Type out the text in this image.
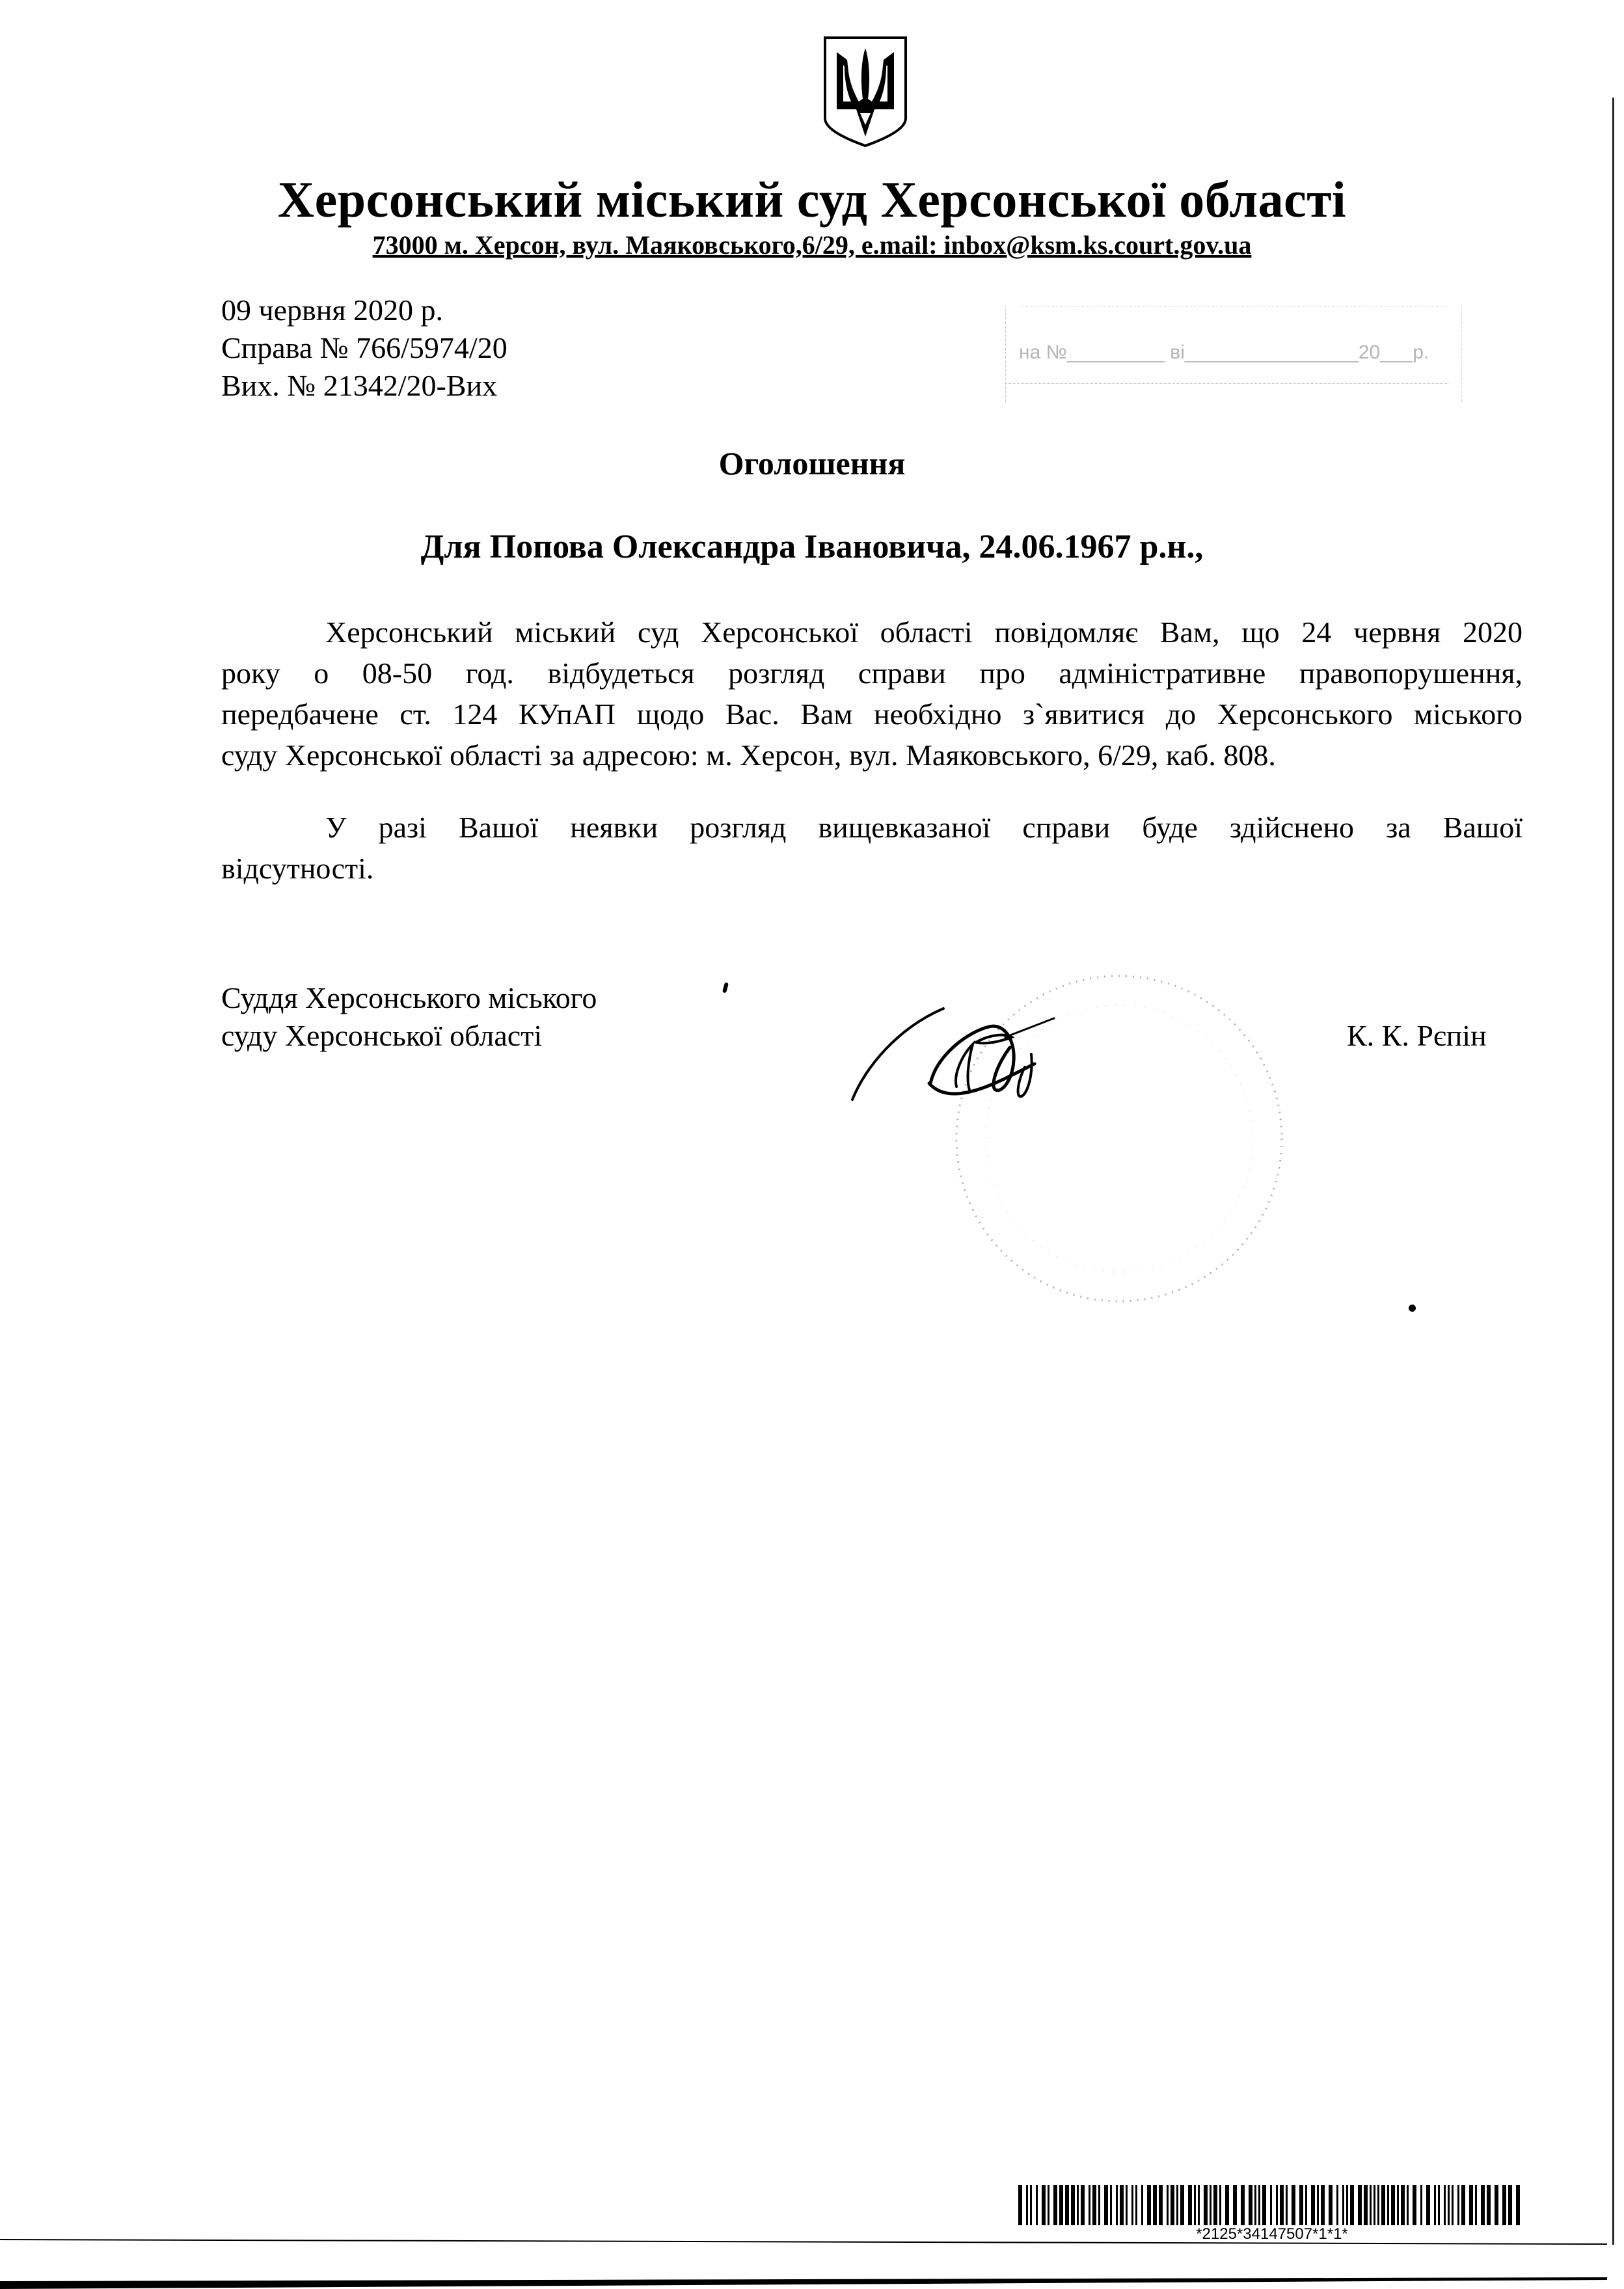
Херсонський міський суд Херсонської області
73000 м. Херсон, вул. Маяковського,6/29, e.mail: inbox@ksm.ks.court.gov.ua
09 червня 2020 р.
Справа № 766/5974/20
Вих. № 21342/20-Вих
на №_________ ві________________20___р.
Оголошення
Для Попова Олександра Івановича, 24.06.1967 р.н.,
Херсонський міський суд Херсонської області повідомляє Вам, що 24 червня 2020
року о 08-50 год. відбудеться розгляд справи про адміністративне правопорушення,
передбачене ст. 124 КУпАП щодо Вас. Вам необхідно з`явитися до Херсонського міського
суду Херсонської області за адресою: м. Херсон, вул. Маяковського, 6/29, каб. 808.
У разі Вашої неявки розгляд вищевказаної справи буде здійснено за Вашої
відсутності.
Суддя Херсонського міського
суду Херсонської області	К. К. Рєпін
*2125*34147507*1*1*
